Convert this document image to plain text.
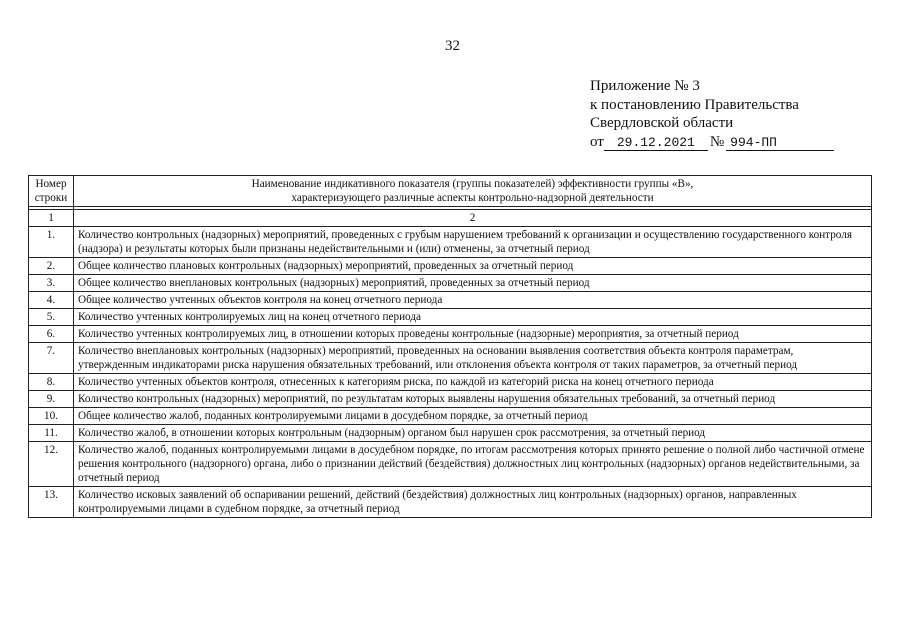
32
Приложение № 3
к постановлению Правительства
Свердловской области
от 29.12.2021 № 994-ПП
Номер строки	Наименование индикативного показателя (группы показателей) эффективности группы «В»,
характеризующего различные аспекты контрольно-надзорной деятельности

1	2
1.	Количество контрольных (надзорных) мероприятий, проведенных с грубым нарушением требований к организации и осуществлению государственного контроля (надзора) и результаты которых были признаны недействительными и (или) отменены, за отчетный период
2.	Общее количество плановых контрольных (надзорных) мероприятий, проведенных за отчетный период
3.	Общее количество внеплановых контрольных (надзорных) мероприятий, проведенных за отчетный период
4.	Общее количество учтенных объектов контроля на конец отчетного периода
5.	Количество учтенных контролируемых лиц на конец отчетного периода
6.	Количество учтенных контролируемых лиц, в отношении которых проведены контрольные (надзорные) мероприятия, за отчетный период
7.	Количество внеплановых контрольных (надзорных) мероприятий, проведенных на основании выявления соответствия объекта контроля параметрам, утвержденным индикаторами риска нарушения обязательных требований, или отклонения объекта контроля от таких параметров, за отчетный период
8.	Количество учтенных объектов контроля, отнесенных к категориям риска, по каждой из категорий риска на конец отчетного периода
9.	Количество контрольных (надзорных) мероприятий, по результатам которых выявлены нарушения обязательных требований, за отчетный период
10.	Общее количество жалоб, поданных контролируемыми лицами в досудебном порядке, за отчетный период
11.	Количество жалоб, в отношении которых контрольным (надзорным) органом был нарушен срок рассмотрения, за отчетный период
12.	Количество жалоб, поданных контролируемыми лицами в досудебном порядке, по итогам рассмотрения которых принято решение о полной либо частичной отмене решения контрольного (надзорного) органа, либо о признании действий (бездействия) должностных лиц контрольных (надзорных) органов недействительными, за отчетный период
13.	Количество исковых заявлений об оспаривании решений, действий (бездействия) должностных лиц контрольных (надзорных) органов, направленных контролируемыми лицами в судебном порядке, за отчетный период
